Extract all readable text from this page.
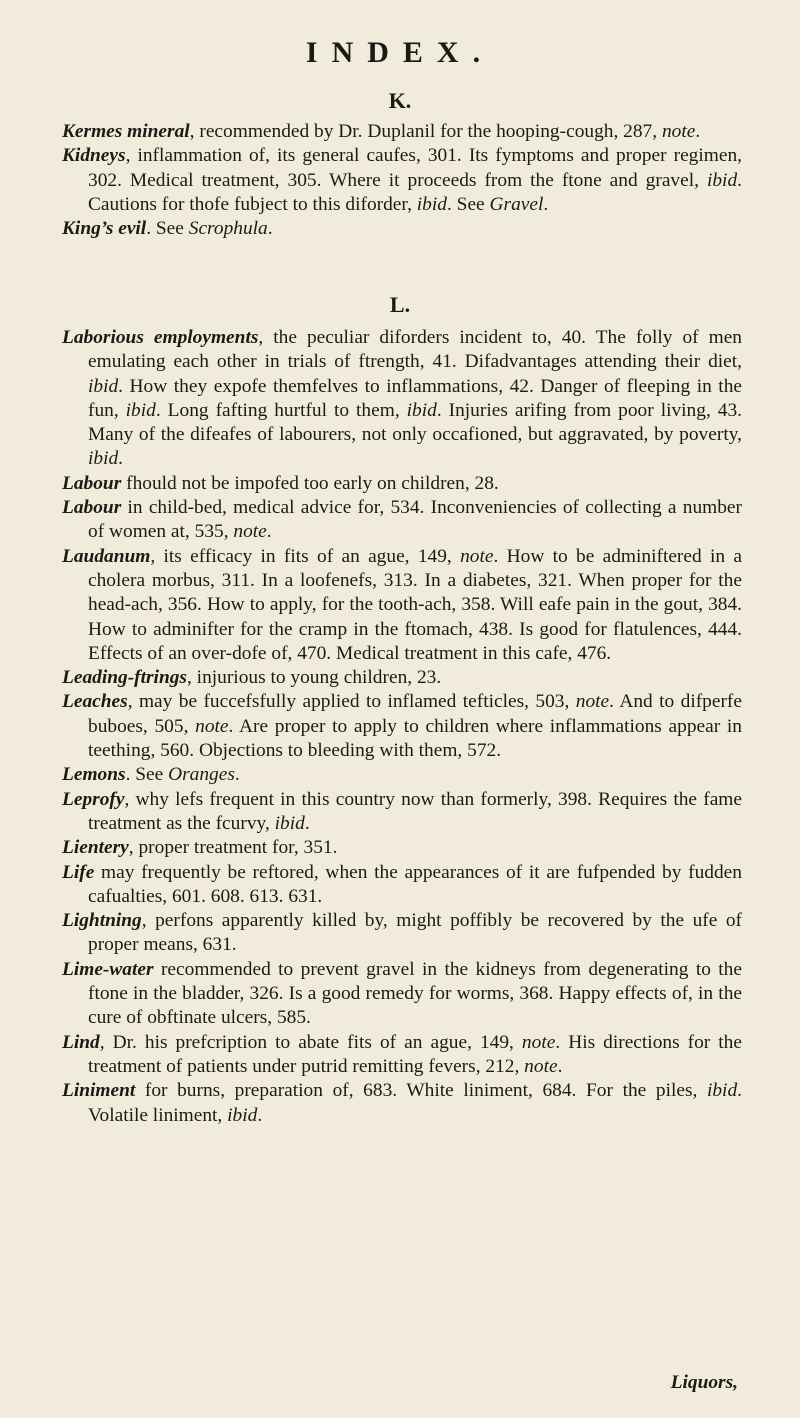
INDEX.
K.

Kermes mineral, recommended by Dr. Duplanil for the hooping-cough, 287, note.

Kidneys, inflammation of, its general caufes, 301. Its fymptoms and proper regimen, 302. Medical treatment, 305. Where it proceeds from the ftone and gravel, ibid. Cautions for thofe fubject to this diforder, ibid. See Gravel.

King’s evil. See Scrophula.

L.

Laborious employments, the peculiar diforders incident to, 40. The folly of men emulating each other in trials of ftrength, 41. Difadvantages attending their diet, ibid. How they expofe themfelves to inflammations, 42. Danger of fleeping in the fun, ibid. Long fafting hurtful to them, ibid. Injuries arifing from poor living, 43. Many of the difeafes of labourers, not only occafioned, but aggravated, by poverty, ibid.

Labour fhould not be impofed too early on children, 28.

Labour in child-bed, medical advice for, 534. Inconveniencies of collecting a number of women at, 535, note.

Laudanum, its efficacy in fits of an ague, 149, note. How to be adminiftered in a cholera morbus, 311. In a loofenefs, 313. In a diabetes, 321. When proper for the head-ach, 356. How to apply, for the tooth-ach, 358. Will eafe pain in the gout, 384. How to adminifter for the cramp in the ftomach, 438. Is good for flatulences, 444. Effects of an over-dofe of, 470. Medical treatment in this cafe, 476.

Leading-ftrings, injurious to young children, 23.

Leaches, may be fuccefsfully applied to inflamed tefticles, 503, note. And to difperfe buboes, 505, note. Are proper to apply to children where inflammations appear in teething, 560. Objections to bleeding with them, 572.

Lemons. See Oranges.

Leprofy, why lefs frequent in this country now than formerly, 398. Requires the fame treatment as the fcurvy, ibid.

Lientery, proper treatment for, 351.

Life may frequently be reftored, when the appearances of it are fufpended by fudden cafualties, 601. 608. 613. 631.

Lightning, perfons apparently killed by, might poffibly be recovered by the ufe of proper means, 631.

Lime-water recommended to prevent gravel in the kidneys from degenerating to the ftone in the bladder, 326. Is a good remedy for worms, 368. Happy effects of, in the cure of obftinate ulcers, 585.

Lind, Dr. his prefcription to abate fits of an ague, 149, note. His directions for the treatment of patients under putrid remitting fevers, 212, note.

Liniment for burns, preparation of, 683. White liniment, 684. For the piles, ibid. Volatile liniment, ibid.

Liquors,
